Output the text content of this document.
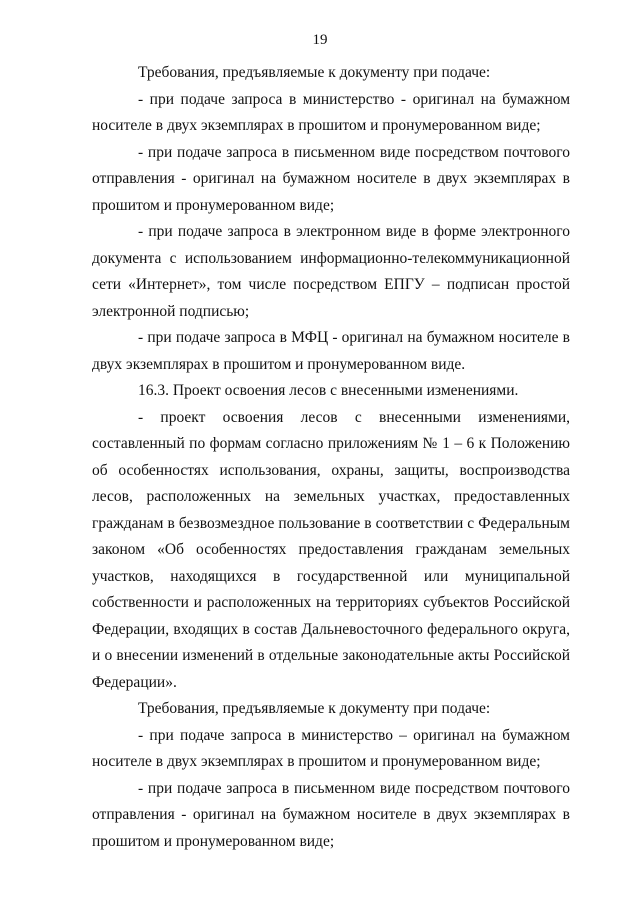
19

Требования, предъявляемые к документу при подаче:

- при подаче запроса в министерство - оригинал на бумажном носителе в двух экземплярах в прошитом и пронумерованном виде;

- при подаче запроса в письменном виде посредством почтового отправления - оригинал на бумажном носителе в двух экземплярах в прошитом и пронумерованном виде;

- при подаче запроса в электронном виде в форме электронного документа с использованием информационно-телекоммуникационной сети «Интернет», том числе посредством ЕПГУ – подписан простой электронной подписью;

- при подаче запроса в МФЦ - оригинал на бумажном носителе в двух экземплярах в прошитом и пронумерованном виде.

16.3. Проект освоения лесов с внесенными изменениями.

- проект освоения лесов с внесенными изменениями, составленный по формам согласно приложениям № 1 – 6 к Положению об особенностях использования, охраны, защиты, воспроизводства лесов, расположенных на земельных участках, предоставленных гражданам в безвозмездное пользование в соответствии с Федеральным законом «Об особенностях предоставления гражданам земельных участков, находящихся в государственной или муниципальной собственности и расположенных на территориях субъектов Российской Федерации, входящих в состав Дальневосточного федерального округа, и о внесении изменений в отдельные законодательные акты Российской Федерации».

Требования, предъявляемые к документу при подаче:

- при подаче запроса в министерство – оригинал на бумажном носителе в двух экземплярах в прошитом и пронумерованном виде;

- при подаче запроса в письменном виде посредством почтового отправления - оригинал на бумажном носителе в двух экземплярах в прошитом и пронумерованном виде;
